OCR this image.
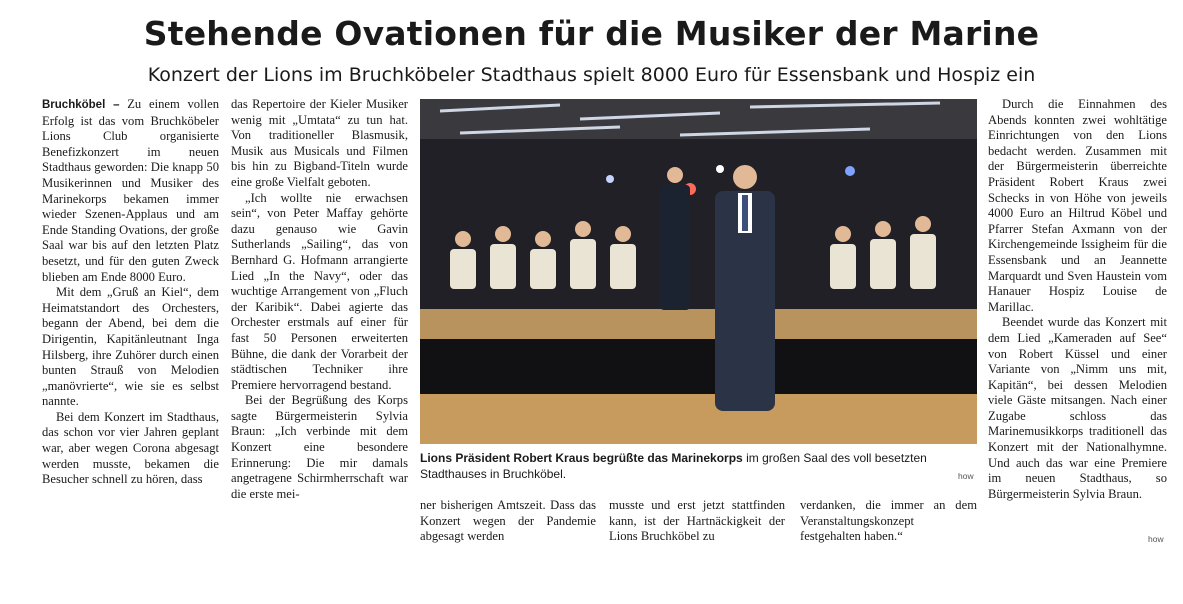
Stehende Ovationen für die Musiker der Marine
Konzert der Lions im Bruchköbeler Stadthaus spielt 8000 Euro für Essensbank und Hospiz ein

Bruchköbel – Zu einem vollen Erfolg ist das vom Bruchköbeler Lions Club organisierte Benefizkonzert im neuen Stadthaus geworden: Die knapp 50 Musikerinnen und Musiker des Marinekorps bekamen immer wieder Szenen-Applaus und am Ende Standing Ovations, der große Saal war bis auf den letzten Platz besetzt, und für den guten Zweck blieben am Ende 8000 Euro.

Mit dem „Gruß an Kiel“, dem Heimatstandort des Orchesters, begann der Abend, bei dem die Dirigentin, Kapitänleutnant Inga Hilsberg, ihre Zuhörer durch einen bunten Strauß von Melodien „manövrierte“, wie sie es selbst nannte.

Bei dem Konzert im Stadthaus, das schon vor vier Jahren geplant war, aber wegen Corona abgesagt werden musste, bekamen die Besucher schnell zu hören, dass

das Repertoire der Kieler Musiker wenig mit „Umtata“ zu tun hat. Von traditioneller Blasmusik, Musik aus Musicals und Filmen bis hin zu Bigband-Titeln wurde eine große Vielfalt geboten.

„Ich wollte nie erwachsen sein“, von Peter Maffay gehörte dazu genauso wie Gavin Sutherlands „Sailing“, das von Bernhard G. Hofmann arrangierte Lied „In the Navy“, oder das wuchtige Arrangement von „Fluch der Karibik“. Dabei agierte das Orchester erstmals auf einer für fast 50 Personen erweiterten Bühne, die dank der Vorarbeit der städtischen Techniker ihre Premiere hervorragend bestand.

Bei der Begrüßung des Korps sagte Bürgermeisterin Sylvia Braun: „Ich verbinde mit dem Konzert eine besondere Erinnerung: Die mir damals angetragene Schirmherrschaft war die erste mei-

Lions Präsident Robert Kraus begrüßte das Marinekorps im großen Saal des voll besetzten Stadthauses in Bruchköbel.	how

ner bisherigen Amtszeit. Dass das Konzert wegen der Pandemie abgesagt werden

musste und erst jetzt stattfinden kann, ist der Hartnäckigkeit der Lions Bruchköbel zu

verdanken, die immer an dem Veranstaltungskonzept festgehalten haben.“

Durch die Einnahmen des Abends konnten zwei wohltätige Einrichtungen von den Lions bedacht werden. Zusammen mit der Bürgermeisterin überreichte Präsident Robert Kraus zwei Schecks in von Höhe von jeweils 4000 Euro an Hiltrud Köbel und Pfarrer Stefan Axmann von der Kirchengemeinde Issigheim für die Essensbank und an Jeannette Marquardt und Sven Haustein vom Hanauer Hospiz Louise de Marillac.

Beendet wurde das Konzert mit dem Lied „Kameraden auf See“ von Robert Küssel und einer Variante von „Nimm uns mit, Kapitän“, bei dessen Melodien viele Gäste mitsangen. Nach einer Zugabe schloss das Marinemusikkorps traditionell das Konzert mit der Nationalhymne. Und auch das war eine Premiere im neuen Stadthaus, so Bürgermeisterin Sylvia Braun.

how
